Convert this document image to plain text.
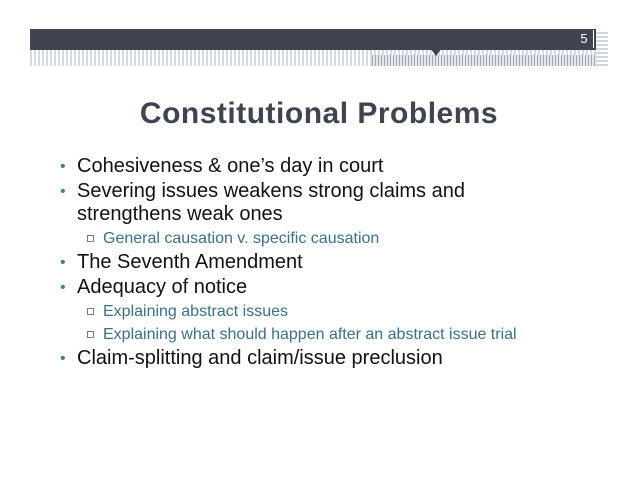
5
Constitutional Problems
• Cohesiveness & one’s day in court
• Severing issues weakens strong claims and strengthens weak ones
General causation v. specific causation
• The Seventh Amendment
• Adequacy of notice
Explaining abstract issues
Explaining what should happen after an abstract issue trial
• Claim-splitting and claim/issue preclusion
